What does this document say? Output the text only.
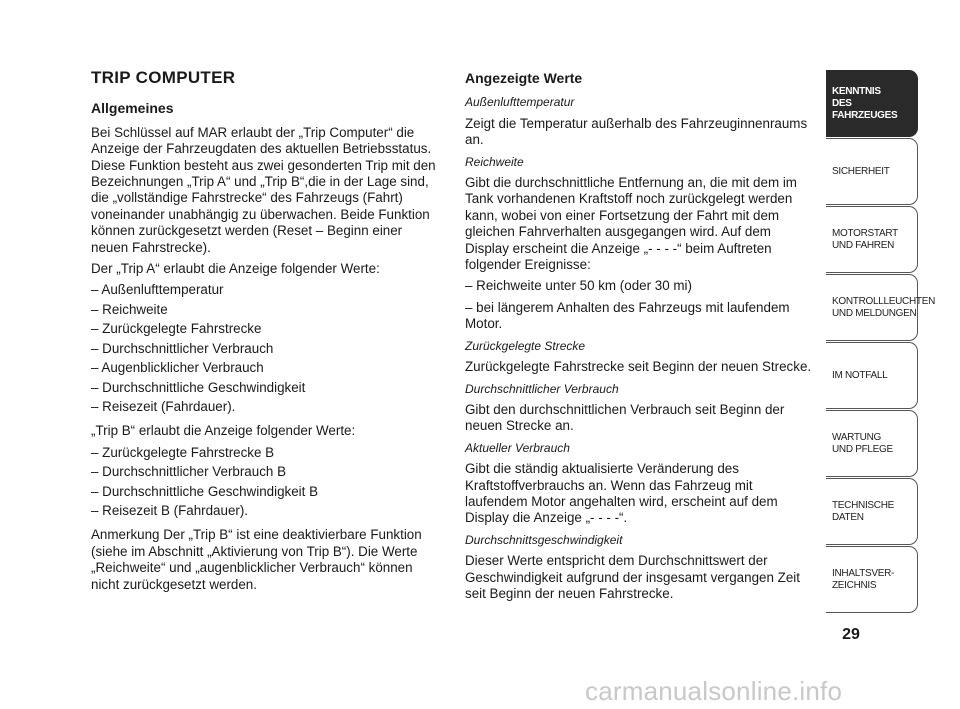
TRIP COMPUTER
Allgemeines

Bei Schlüssel auf MAR erlaubt der „Trip Computer“ die Anzeige der Fahrzeugdaten des aktuellen Betriebsstatus. Diese Funktion besteht aus zwei gesonderten Trip mit den Bezeichnungen „Trip A“ und „Trip B“,die in der Lage sind, die „vollständige Fahrstrecke“ des Fahrzeugs (Fahrt) voneinander unabhängig zu überwachen. Beide Funktion können zurückgesetzt werden (Reset – Beginn einer neuen Fahrstrecke).

Der „Trip A“ erlaubt die Anzeige folgender Werte:

– Außenlufttemperatur
– Reichweite
– Zurückgelegte Fahrstrecke
– Durchschnittlicher Verbrauch
– Augenblicklicher Verbrauch
– Durchschnittliche Geschwindigkeit
– Reisezeit (Fahrdauer).

„Trip B“ erlaubt die Anzeige folgender Werte:

– Zurückgelegte Fahrstrecke B
– Durchschnittlicher Verbrauch B
– Durchschnittliche Geschwindigkeit B
– Reisezeit B (Fahrdauer).

Anmerkung Der „Trip B“ ist eine deaktivierbare Funktion (siehe im Abschnitt „Aktivierung von Trip B“). Die Werte „Reichweite“ und „augenblicklicher Verbrauch“ können nicht zurückgesetzt werden.

Angezeigte Werte
Außenlufttemperatur

Zeigt die Temperatur außerhalb des Fahrzeuginnenraums an.

Reichweite

Gibt die durchschnittliche Entfernung an, die mit dem im Tank vorhandenen Kraftstoff noch zurückgelegt werden kann, wobei von einer Fortsetzung der Fahrt mit dem gleichen Fahrverhalten ausgegangen wird. Auf dem Display erscheint die Anzeige „- - - -“ beim Auftreten folgender Ereignisse:

– Reichweite unter 50 km (oder 30 mi)

– bei längerem Anhalten des Fahrzeugs mit laufendem Motor.

Zurückgelegte Strecke

Zurückgelegte Fahrstrecke seit Beginn der neuen Strecke.

Durchschnittlicher Verbrauch

Gibt den durchschnittlichen Verbrauch seit Beginn der neuen Strecke an.

Aktueller Verbrauch

Gibt die ständig aktualisierte Veränderung des Kraftstoffverbrauchs an. Wenn das Fahrzeug mit laufendem Motor angehalten wird, erscheint auf dem Display die Anzeige „- - - -“.

Durchschnittsgeschwindigkeit

Dieser Werte entspricht dem Durchschnittswert der Geschwindigkeit aufgrund der insgesamt vergangen Zeit seit Beginn der neuen Fahrstrecke.

KENNTNIS
DES FAHRZEUGES
SICHERHEIT
MOTORSTART
UND FAHREN
KONTROLLLEUCHTEN
UND MELDUNGEN
IM NOTFALL
WARTUNG
UND PFLEGE
TECHNISCHE
DATEN
INHALTSVER-
ZEICHNIS
29
carmanualsonline.info
